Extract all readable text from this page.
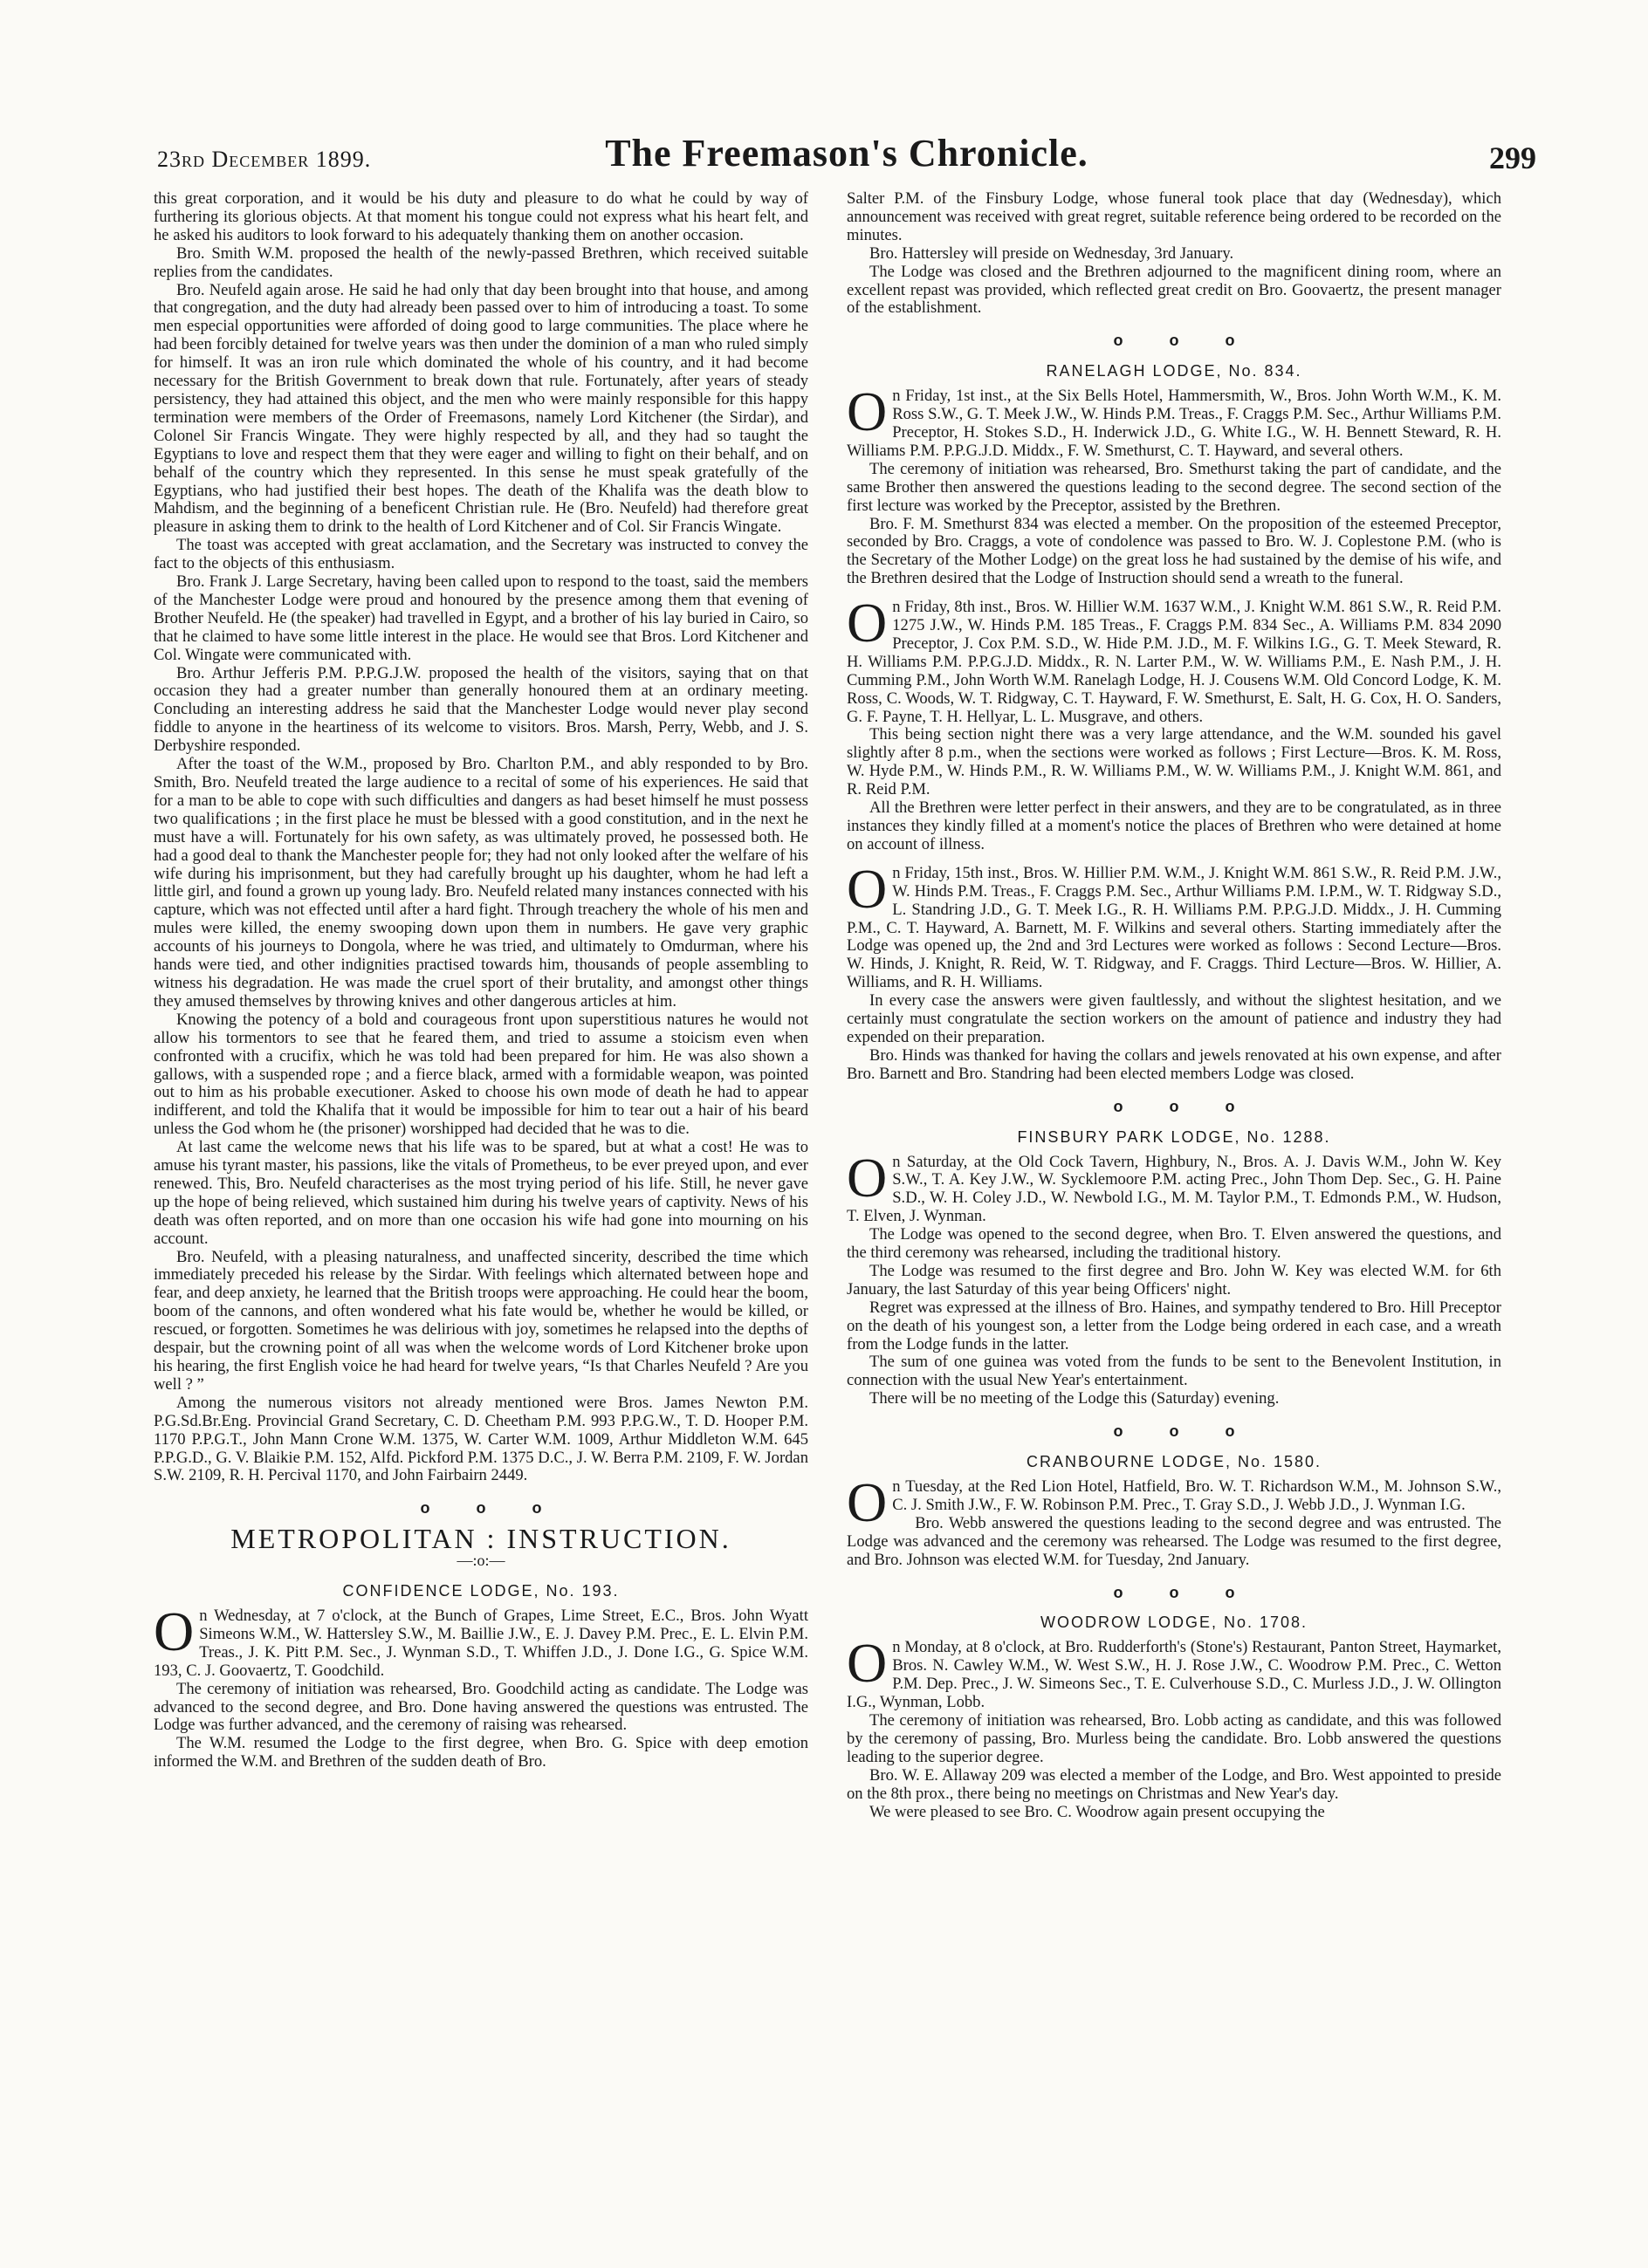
23rd December 1899.	The Freemason's Chronicle.	299

this great corporation, and it would be his duty and pleasure to do what he could by way of furthering its glorious objects. At that moment his tongue could not express what his heart felt, and he asked his auditors to look forward to his adequately thanking them on another occasion.

Bro. Smith W.M. proposed the health of the newly-passed Brethren, which received suitable replies from the candidates.

Bro. Neufeld again arose. He said he had only that day been brought into that house, and among that congregation, and the duty had already been passed over to him of introducing a toast. To some men especial opportunities were afforded of doing good to large communities. The place where he had been forcibly detained for twelve years was then under the dominion of a man who ruled simply for himself. It was an iron rule which dominated the whole of his country, and it had become necessary for the British Government to break down that rule. Fortunately, after years of steady persistency, they had attained this object, and the men who were mainly responsible for this happy termination were members of the Order of Freemasons, namely Lord Kitchener (the Sirdar), and Colonel Sir Francis Wingate. They were highly respected by all, and they had so taught the Egyptians to love and respect them that they were eager and willing to fight on their behalf, and on behalf of the country which they represented. In this sense he must speak gratefully of the Egyptians, who had justified their best hopes. The death of the Khalifa was the death blow to Mahdism, and the beginning of a beneficent Christian rule. He (Bro. Neufeld) had therefore great pleasure in asking them to drink to the health of Lord Kitchener and of Col. Sir Francis Wingate.

The toast was accepted with great acclamation, and the Secretary was instructed to convey the fact to the objects of this enthusiasm.

Bro. Frank J. Large Secretary, having been called upon to respond to the toast, said the members of the Manchester Lodge were proud and honoured by the presence among them that evening of Brother Neufeld. He (the speaker) had travelled in Egypt, and a brother of his lay buried in Cairo, so that he claimed to have some little interest in the place. He would see that Bros. Lord Kitchener and Col. Wingate were communicated with.

Bro. Arthur Jefferis P.M. P.P.G.J.W. proposed the health of the visitors, saying that on that occasion they had a greater number than generally honoured them at an ordinary meeting. Concluding an interesting address he said that the Manchester Lodge would never play second fiddle to anyone in the heartiness of its welcome to visitors. Bros. Marsh, Perry, Webb, and J. S. Derbyshire responded.

After the toast of the W.M., proposed by Bro. Charlton P.M., and ably responded to by Bro. Smith, Bro. Neufeld treated the large audience to a recital of some of his experiences. He said that for a man to be able to cope with such difficulties and dangers as had beset himself he must possess two qualifications ; in the first place he must be blessed with a good constitution, and in the next he must have a will. Fortunately for his own safety, as was ultimately proved, he possessed both. He had a good deal to thank the Manchester people for; they had not only looked after the welfare of his wife during his imprisonment, but they had carefully brought up his daughter, whom he had left a little girl, and found a grown up young lady. Bro. Neufeld related many instances connected with his capture, which was not effected until after a hard fight. Through treachery the whole of his men and mules were killed, the enemy swooping down upon them in numbers. He gave very graphic accounts of his journeys to Dongola, where he was tried, and ultimately to Omdurman, where his hands were tied, and other indignities practised towards him, thousands of people assembling to witness his degradation. He was made the cruel sport of their brutality, and amongst other things they amused themselves by throwing knives and other dangerous articles at him.

Knowing the potency of a bold and courageous front upon superstitious natures he would not allow his tormentors to see that he feared them, and tried to assume a stoicism even when confronted with a crucifix, which he was told had been prepared for him. He was also shown a gallows, with a suspended rope ; and a fierce black, armed with a formidable weapon, was pointed out to him as his probable executioner. Asked to choose his own mode of death he had to appear indifferent, and told the Khalifa that it would be impossible for him to tear out a hair of his beard unless the God whom he (the prisoner) worshipped had decided that he was to die.

At last came the welcome news that his life was to be spared, but at what a cost! He was to amuse his tyrant master, his passions, like the vitals of Prometheus, to be ever preyed upon, and ever renewed. This, Bro. Neufeld characterises as the most trying period of his life. Still, he never gave up the hope of being relieved, which sustained him during his twelve years of captivity. News of his death was often reported, and on more than one occasion his wife had gone into mourning on his account.

Bro. Neufeld, with a pleasing naturalness, and unaffected sincerity, described the time which immediately preceded his release by the Sirdar. With feelings which alternated between hope and fear, and deep anxiety, he learned that the British troops were approaching. He could hear the boom, boom of the cannons, and often wondered what his fate would be, whether he would be killed, or rescued, or forgotten. Sometimes he was delirious with joy, sometimes he relapsed into the depths of despair, but the crowning point of all was when the welcome words of Lord Kitchener broke upon his hearing, the first English voice he had heard for twelve years, “Is that Charles Neufeld ? Are you well ? ”

Among the numerous visitors not already mentioned were Bros. James Newton P.M. P.G.Sd.Br.Eng. Provincial Grand Secretary, C. D. Cheetham P.M. 993 P.P.G.W., T. D. Hooper P.M. 1170 P.P.G.T., John Mann Crone W.M. 1375, W. Carter W.M. 1009, Arthur Middleton W.M. 645 P.P.G.D., G. V. Blaikie P.M. 152, Alfd. Pickford P.M. 1375 D.C., J. W. Berra P.M. 2109, F. W. Jordan S.W. 2109, R. H. Percival 1170, and John Fairbairn 2449.

o o o
METROPOLITAN : INSTRUCTION.
—:o:—
CONFIDENCE LODGE, No. 193.

On Wednesday, at 7 o'clock, at the Bunch of Grapes, Lime Street, E.C., Bros. John Wyatt Simeons W.M., W. Hattersley S.W., M. Baillie J.W., E. J. Davey P.M. Prec., E. L. Elvin P.M. Treas., J. K. Pitt P.M. Sec., J. Wynman S.D., T. Whiffen J.D., J. Done I.G., G. Spice W.M. 193, C. J. Goovaertz, T. Goodchild.

The ceremony of initiation was rehearsed, Bro. Goodchild acting as candidate. The Lodge was advanced to the second degree, and Bro. Done having answered the questions was entrusted. The Lodge was further advanced, and the ceremony of raising was rehearsed.

The W.M. resumed the Lodge to the first degree, when Bro. G. Spice with deep emotion informed the W.M. and Brethren of the sudden death of Bro.

Salter P.M. of the Finsbury Lodge, whose funeral took place that day (Wednesday), which announcement was received with great regret, suitable reference being ordered to be recorded on the minutes.

Bro. Hattersley will preside on Wednesday, 3rd January.

The Lodge was closed and the Brethren adjourned to the magnificent dining room, where an excellent repast was provided, which reflected great credit on Bro. Goovaertz, the present manager of the establishment.

o o o
RANELAGH LODGE, No. 834.

On Friday, 1st inst., at the Six Bells Hotel, Hammersmith, W., Bros. John Worth W.M., K. M. Ross S.W., G. T. Meek J.W., W. Hinds P.M. Treas., F. Craggs P.M. Sec., Arthur Williams P.M. Preceptor, H. Stokes S.D., H. Inderwick J.D., G. White I.G., W. H. Bennett Steward, R. H. Williams P.M. P.P.G.J.D. Middx., F. W. Smethurst, C. T. Hayward, and several others.

The ceremony of initiation was rehearsed, Bro. Smethurst taking the part of candidate, and the same Brother then answered the questions leading to the second degree. The second section of the first lecture was worked by the Preceptor, assisted by the Brethren.

Bro. F. M. Smethurst 834 was elected a member. On the proposition of the esteemed Preceptor, seconded by Bro. Craggs, a vote of condolence was passed to Bro. W. J. Coplestone P.M. (who is the Secretary of the Mother Lodge) on the great loss he had sustained by the demise of his wife, and the Brethren desired that the Lodge of Instruction should send a wreath to the funeral.

On Friday, 8th inst., Bros. W. Hillier W.M. 1637 W.M., J. Knight W.M. 861 S.W., R. Reid P.M. 1275 J.W., W. Hinds P.M. 185 Treas., F. Craggs P.M. 834 Sec., A. Williams P.M. 834 2090 Preceptor, J. Cox P.M. S.D., W. Hide P.M. J.D., M. F. Wilkins I.G., G. T. Meek Steward, R. H. Williams P.M. P.P.G.J.D. Middx., R. N. Larter P.M., W. W. Williams P.M., E. Nash P.M., J. H. Cumming P.M., John Worth W.M. Ranelagh Lodge, H. J. Cousens W.M. Old Concord Lodge, K. M. Ross, C. Woods, W. T. Ridgway, C. T. Hayward, F. W. Smethurst, E. Salt, H. G. Cox, H. O. Sanders, G. F. Payne, T. H. Hellyar, L. L. Musgrave, and others.

This being section night there was a very large attendance, and the W.M. sounded his gavel slightly after 8 p.m., when the sections were worked as follows ; First Lecture—Bros. K. M. Ross, W. Hyde P.M., W. Hinds P.M., R. W. Williams P.M., W. W. Williams P.M., J. Knight W.M. 861, and R. Reid P.M.

All the Brethren were letter perfect in their answers, and they are to be congratulated, as in three instances they kindly filled at a moment's notice the places of Brethren who were detained at home on account of illness.

On Friday, 15th inst., Bros. W. Hillier P.M. W.M., J. Knight W.M. 861 S.W., R. Reid P.M. J.W., W. Hinds P.M. Treas., F. Craggs P.M. Sec., Arthur Williams P.M. I.P.M., W. T. Ridgway S.D., L. Standring J.D., G. T. Meek I.G., R. H. Williams P.M. P.P.G.J.D. Middx., J. H. Cumming P.M., C. T. Hayward, A. Barnett, M. F. Wilkins and several others. Starting immediately after the Lodge was opened up, the 2nd and 3rd Lectures were worked as follows : Second Lecture—Bros. W. Hinds, J. Knight, R. Reid, W. T. Ridgway, and F. Craggs. Third Lecture—Bros. W. Hillier, A. Williams, and R. H. Williams.

In every case the answers were given faultlessly, and without the slightest hesitation, and we certainly must congratulate the section workers on the amount of patience and industry they had expended on their preparation.

Bro. Hinds was thanked for having the collars and jewels renovated at his own expense, and after Bro. Barnett and Bro. Standring had been elected members Lodge was closed.

o o o
FINSBURY PARK LODGE, No. 1288.

On Saturday, at the Old Cock Tavern, Highbury, N., Bros. A. J. Davis W.M., John W. Key S.W., T. A. Key J.W., W. Sycklemoore P.M. acting Prec., John Thom Dep. Sec., G. H. Paine S.D., W. H. Coley J.D., W. Newbold I.G., M. M. Taylor P.M., T. Edmonds P.M., W. Hudson, T. Elven, J. Wynman.

The Lodge was opened to the second degree, when Bro. T. Elven answered the questions, and the third ceremony was rehearsed, including the traditional history.

The Lodge was resumed to the first degree and Bro. John W. Key was elected W.M. for 6th January, the last Saturday of this year being Officers' night.

Regret was expressed at the illness of Bro. Haines, and sympathy tendered to Bro. Hill Preceptor on the death of his youngest son, a letter from the Lodge being ordered in each case, and a wreath from the Lodge funds in the latter.

The sum of one guinea was voted from the funds to be sent to the Benevolent Institution, in connection with the usual New Year's entertainment.

There will be no meeting of the Lodge this (Saturday) evening.

o o o
CRANBOURNE LODGE, No. 1580.

On Tuesday, at the Red Lion Hotel, Hatfield, Bro. W. T. Richardson W.M., M. Johnson S.W., C. J. Smith J.W., F. W. Robinson P.M. Prec., T. Gray S.D., J. Webb J.D., J. Wynman I.G.

Bro. Webb answered the questions leading to the second degree and was entrusted. The Lodge was advanced and the ceremony was rehearsed. The Lodge was resumed to the first degree, and Bro. Johnson was elected W.M. for Tuesday, 2nd January.

o o o
WOODROW LODGE, No. 1708.

On Monday, at 8 o'clock, at Bro. Rudderforth's (Stone's) Restaurant, Panton Street, Haymarket, Bros. N. Cawley W.M., W. West S.W., H. J. Rose J.W., C. Woodrow P.M. Prec., C. Wetton P.M. Dep. Prec., J. W. Simeons Sec., T. E. Culverhouse S.D., C. Murless J.D., J. W. Ollington I.G., Wynman, Lobb.

The ceremony of initiation was rehearsed, Bro. Lobb acting as candidate, and this was followed by the ceremony of passing, Bro. Murless being the candidate. Bro. Lobb answered the questions leading to the superior degree.

Bro. W. E. Allaway 209 was elected a member of the Lodge, and Bro. West appointed to preside on the 8th prox., there being no meetings on Christmas and New Year's day.

We were pleased to see Bro. C. Woodrow again present occupying the
